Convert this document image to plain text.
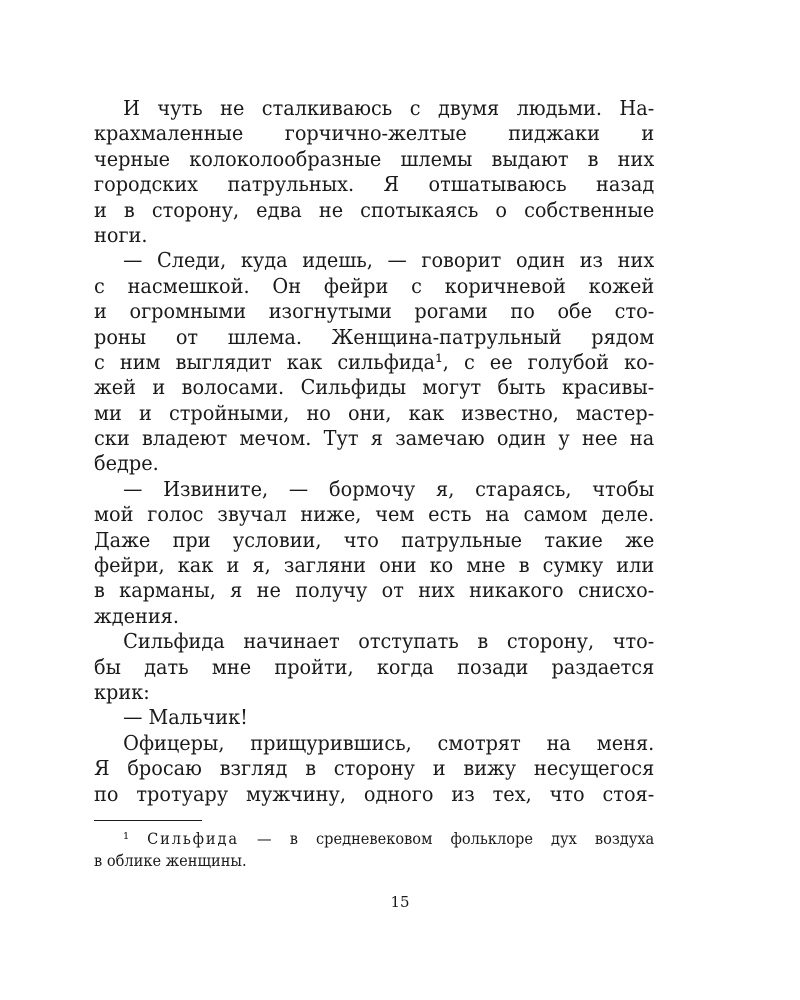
И чуть не сталкиваюсь с двумя людьми. На-
крахмаленные горчично-желтые пиджаки и
черные колоколообразные шлемы выдают в них
городских патрульных. Я отшатываюсь назад
и в сторону, едва не спотыкаясь о собственные
ноги.
— Следи, куда идешь, — говорит один из них
с насмешкой. Он фейри с коричневой кожей
и огромными изогнутыми рогами по обе сто-
роны от шлема. Женщина-патрульный рядом
с ним выглядит как сильфида¹, с ее голубой ко-
жей и волосами. Сильфиды могут быть красивы-
ми и стройными, но они, как известно, мастер-
ски владеют мечом. Тут я замечаю один у нее на
бедре.
— Извините, — бормочу я, стараясь, чтобы
мой голос звучал ниже, чем есть на самом деле.
Даже при условии, что патрульные такие же
фейри, как и я, загляни они ко мне в сумку или
в карманы, я не получу от них никакого снисхо-
ждения.
Сильфида начинает отступать в сторону, что-
бы дать мне пройти, когда позади раздается
крик:
— Мальчик!
Офицеры, прищурившись, смотрят на меня.
Я бросаю взгляд в сторону и вижу несущегося
по тротуару мужчину, одного из тех, что стоя-
¹ Сильфида — в средневековом фольклоре дух воздуха
в облике женщины.
15
